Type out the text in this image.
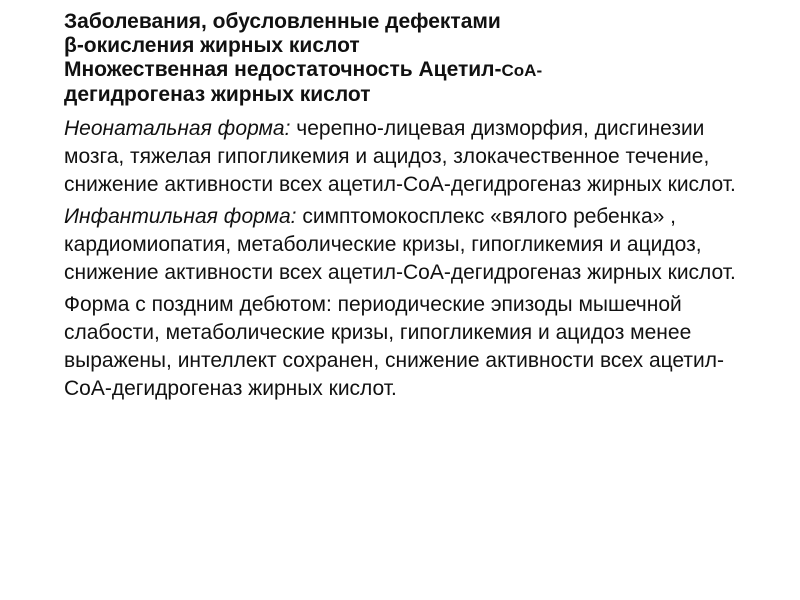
Заболевания, обусловленные дефектами
β-окисления жирных кислот
Множественная недостаточность Ацетил-CoA-
дегидрогеназ жирных кислот

Неонатальная форма: черепно-лицевая дизморфия, дисгинезии мозга, тяжелая гипогликемия и ацидоз, злокачественное течение, снижение активности всех ацетил-CоА-дегидрогеназ жирных кислот.

Инфантильная форма: симптомокосплекс «вялого ребенка» , кардиомиопатия, метаболические кризы, гипогликемия и ацидоз, снижение активности всех ацетил-CоА-дегидрогеназ жирных кислот.

Форма с поздним дебютом: периодические эпизоды мышечной слабости, метаболические кризы, гипогликемия и ацидоз менее выражены, интеллект сохранен, снижение активности всех ацетил-CоА-дегидрогеназ жирных кислот.
